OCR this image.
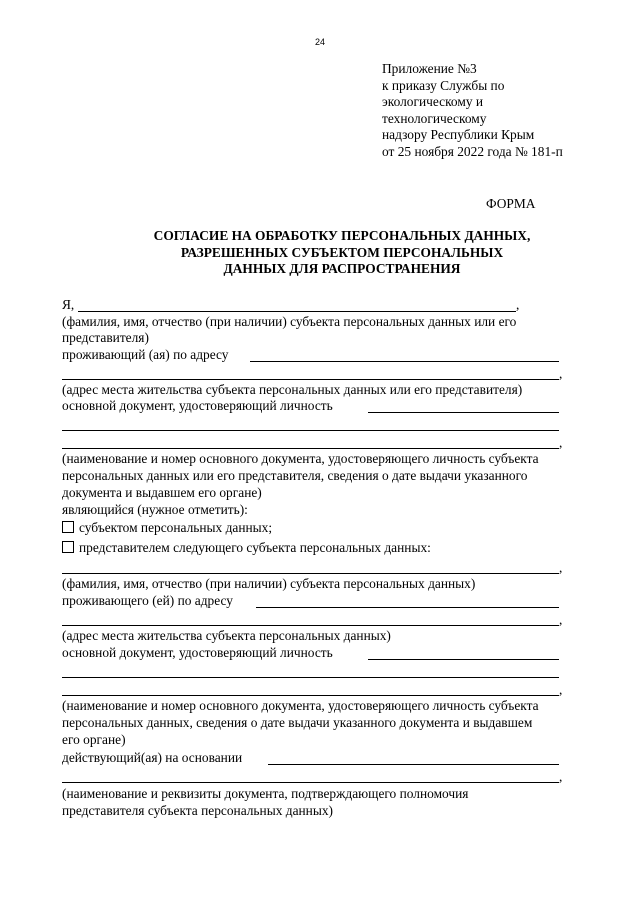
24
Приложение №3
к приказу Службы по
экологическому и
технологическому
надзору Республики Крым
от 25 ноября 2022 года № 181-п
ФОРМА
СОГЛАСИЕ НА ОБРАБОТКУ ПЕРСОНАЛЬНЫХ ДАННЫХ,
РАЗРЕШЕННЫХ СУБЪЕКТОМ ПЕРСОНАЛЬНЫХ
ДАННЫХ ДЛЯ РАСПРОСТРАНЕНИЯ
Я,	,
(фамилия, имя, отчество (при наличии) субъекта персональных данных или его
представителя)
проживающий (ая) по адресу
,
(адрес места жительства субъекта персональных данных или его представителя)
основной документ, удостоверяющий личность
,
(наименование и номер основного документа, удостоверяющего личность субъекта
персональных данных или его представителя, сведения о дате выдачи указанного
документа и выдавшем его органе)
являющийся (нужное отметить):
субъектом персональных данных;
представителем следующего субъекта персональных данных:
,
(фамилия, имя, отчество (при наличии) субъекта персональных данных)
проживающего (ей) по адресу
,
(адрес места жительства субъекта персональных данных)
основной документ, удостоверяющий личность
,
(наименование и номер основного документа, удостоверяющего личность субъекта
персональных данных, сведения о дате выдачи указанного документа и выдавшем
его органе)
действующий(ая) на основании
,
(наименование и реквизиты документа, подтверждающего полномочия
представителя субъекта персональных данных)
